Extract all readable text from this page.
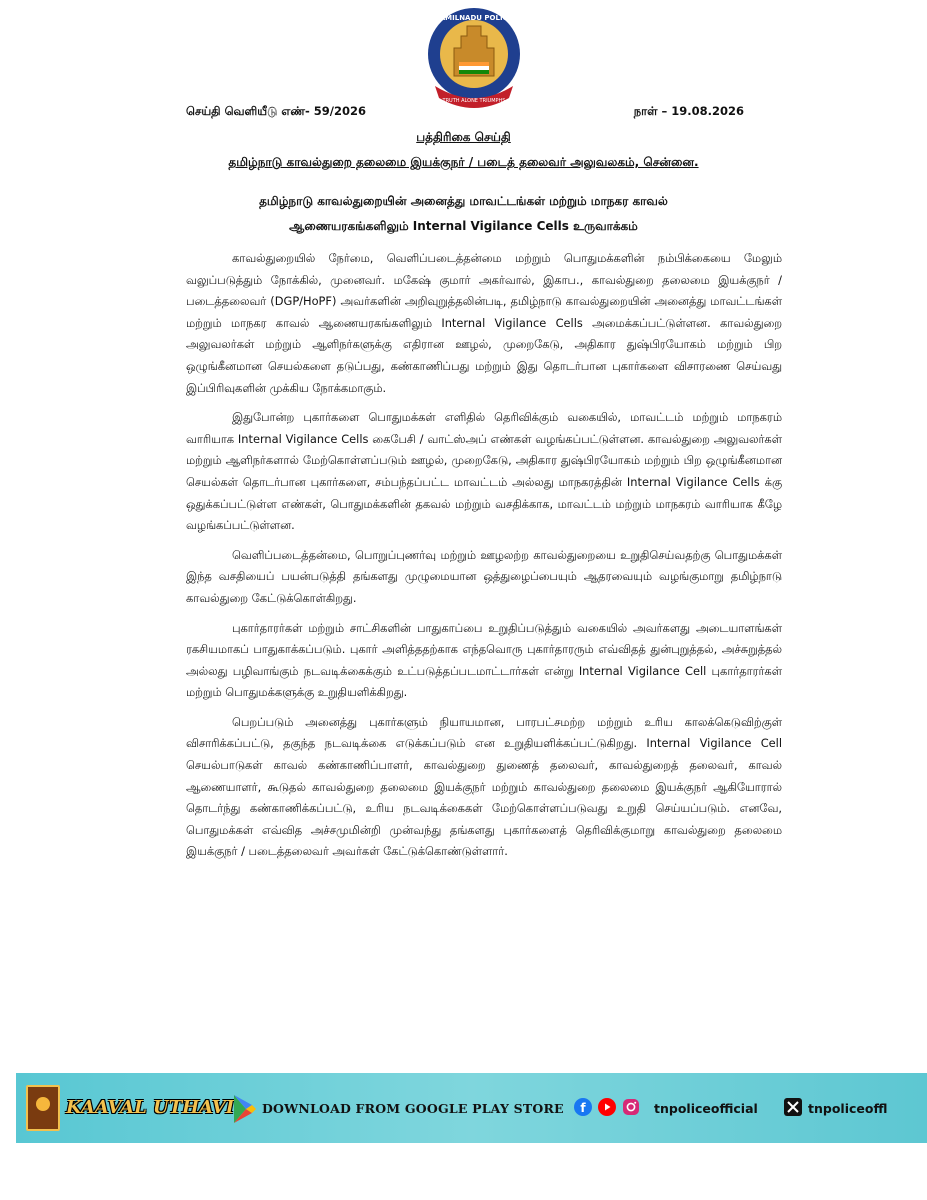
TRUTH ALONE TRIUMPHS
TAMILNADU POLICE
செய்தி வெளியீடு எண்- 59/2026	நாள் – 19.08.2026
பத்திரிகை செய்தி
தமிழ்நாடு காவல்துறை தலைமை இயக்குநர் / படைத் தலைவர் அலுவலகம், சென்னை.
தமிழ்நாடு காவல்துறையின் அனைத்து மாவட்டங்கள் மற்றும் மாநகர காவல்
ஆணையரகங்களிலும் Internal Vigilance Cells உருவாக்கம்

காவல்துறையில் நேர்மை, வெளிப்படைத்தன்மை மற்றும் பொதுமக்களின் நம்பிக்கையை மேலும் வலுப்படுத்தும் நோக்கில், முனைவர். மகேஷ் குமார் அகர்வால், இகாப., காவல்துறை தலைமை இயக்குநர் / படைத்தலைவர் (DGP/HoPF) அவர்களின் அறிவுறுத்தலின்படி, தமிழ்நாடு காவல்துறையின் அனைத்து மாவட்டங்கள் மற்றும் மாநகர காவல் ஆணையரகங்களிலும் Internal Vigilance Cells அமைக்கப்பட்டுள்ளன. காவல்துறை அலுவலர்கள் மற்றும் ஆளிநர்களுக்கு எதிரான ஊழல், முறைகேடு, அதிகார துஷ்பிரயோகம் மற்றும் பிற ஒழுங்கீனமான செயல்களை தடுப்பது, கண்காணிப்பது மற்றும் இது தொடர்பான புகார்களை விசாரணை செய்வது இப்பிரிவுகளின் முக்கிய நோக்கமாகும்.

இதுபோன்ற புகார்களை பொதுமக்கள் எளிதில் தெரிவிக்கும் வகையில், மாவட்டம் மற்றும் மாநகரம் வாரியாக Internal Vigilance Cells கைபேசி / வாட்ஸ்அப் எண்கள் வழங்கப்பட்டுள்ளன. காவல்துறை அலுவலர்கள் மற்றும் ஆளிநர்களால் மேற்கொள்ளப்படும் ஊழல், முறைகேடு, அதிகார துஷ்பிரயோகம் மற்றும் பிற ஒழுங்கீனமான செயல்கள் தொடர்பான புகார்களை, சம்பந்தப்பட்ட மாவட்டம் அல்லது மாநகரத்தின் Internal Vigilance Cells க்கு ஒதுக்கப்பட்டுள்ள எண்கள், பொதுமக்களின் தகவல் மற்றும் வசதிக்காக, மாவட்டம் மற்றும் மாநகரம் வாரியாக கீழே வழங்கப்பட்டுள்ளன.

வெளிப்படைத்தன்மை, பொறுப்புணர்வு மற்றும் ஊழலற்ற காவல்துறையை உறுதிசெய்வதற்கு பொதுமக்கள் இந்த வசதியைப் பயன்படுத்தி தங்களது முழுமையான ஒத்துழைப்பையும் ஆதரவையும் வழங்குமாறு தமிழ்நாடு காவல்துறை கேட்டுக்கொள்கிறது.

புகார்தாரர்கள் மற்றும் சாட்சிகளின் பாதுகாப்பை உறுதிப்படுத்தும் வகையில் அவர்களது அடையாளங்கள் ரகசியமாகப் பாதுகாக்கப்படும். புகார் அளித்ததற்காக எந்தவொரு புகார்தாரரும் எவ்விதத் துன்புறுத்தல், அச்சுறுத்தல் அல்லது பழிவாங்கும் நடவடிக்கைக்கும் உட்படுத்தப்படமாட்டார்கள் என்று Internal Vigilance Cell புகார்தாரர்கள் மற்றும் பொதுமக்களுக்கு உறுதியளிக்கிறது.

பெறப்படும் அனைத்து புகார்களும் நியாயமான, பாரபட்சமற்ற மற்றும் உரிய காலக்கெடுவிற்குள் விசாரிக்கப்பட்டு, தகுந்த நடவடிக்கை எடுக்கப்படும் என உறுதியளிக்கப்பட்டுகிறது. Internal Vigilance Cell செயல்பாடுகள் காவல் கண்காணிப்பாளர், காவல்துறை துணைத் தலைவர், காவல்துறைத் தலைவர், காவல் ஆணையாளர், கூடுதல் காவல்துறை தலைமை இயக்குநர் மற்றும் காவல்துறை தலைமை இயக்குநர் ஆகியோரால் தொடர்ந்து கண்காணிக்கப்பட்டு, உரிய நடவடிக்கைகள் மேற்கொள்ளப்படுவது உறுதி செய்யப்படும். எனவே, பொதுமக்கள் எவ்வித அச்சமுமின்றி முன்வந்து தங்களது புகார்களைத் தெரிவிக்குமாறு காவல்துறை தலைமை இயக்குநர் / படைத்தலைவர் அவர்கள் கேட்டுக்கொண்டுள்ளார்.

KAAVAL UTHAVI DOWNLOAD FROM GOOGLE PLAY STORE f	tnpoliceofficial	tnpoliceoffl
